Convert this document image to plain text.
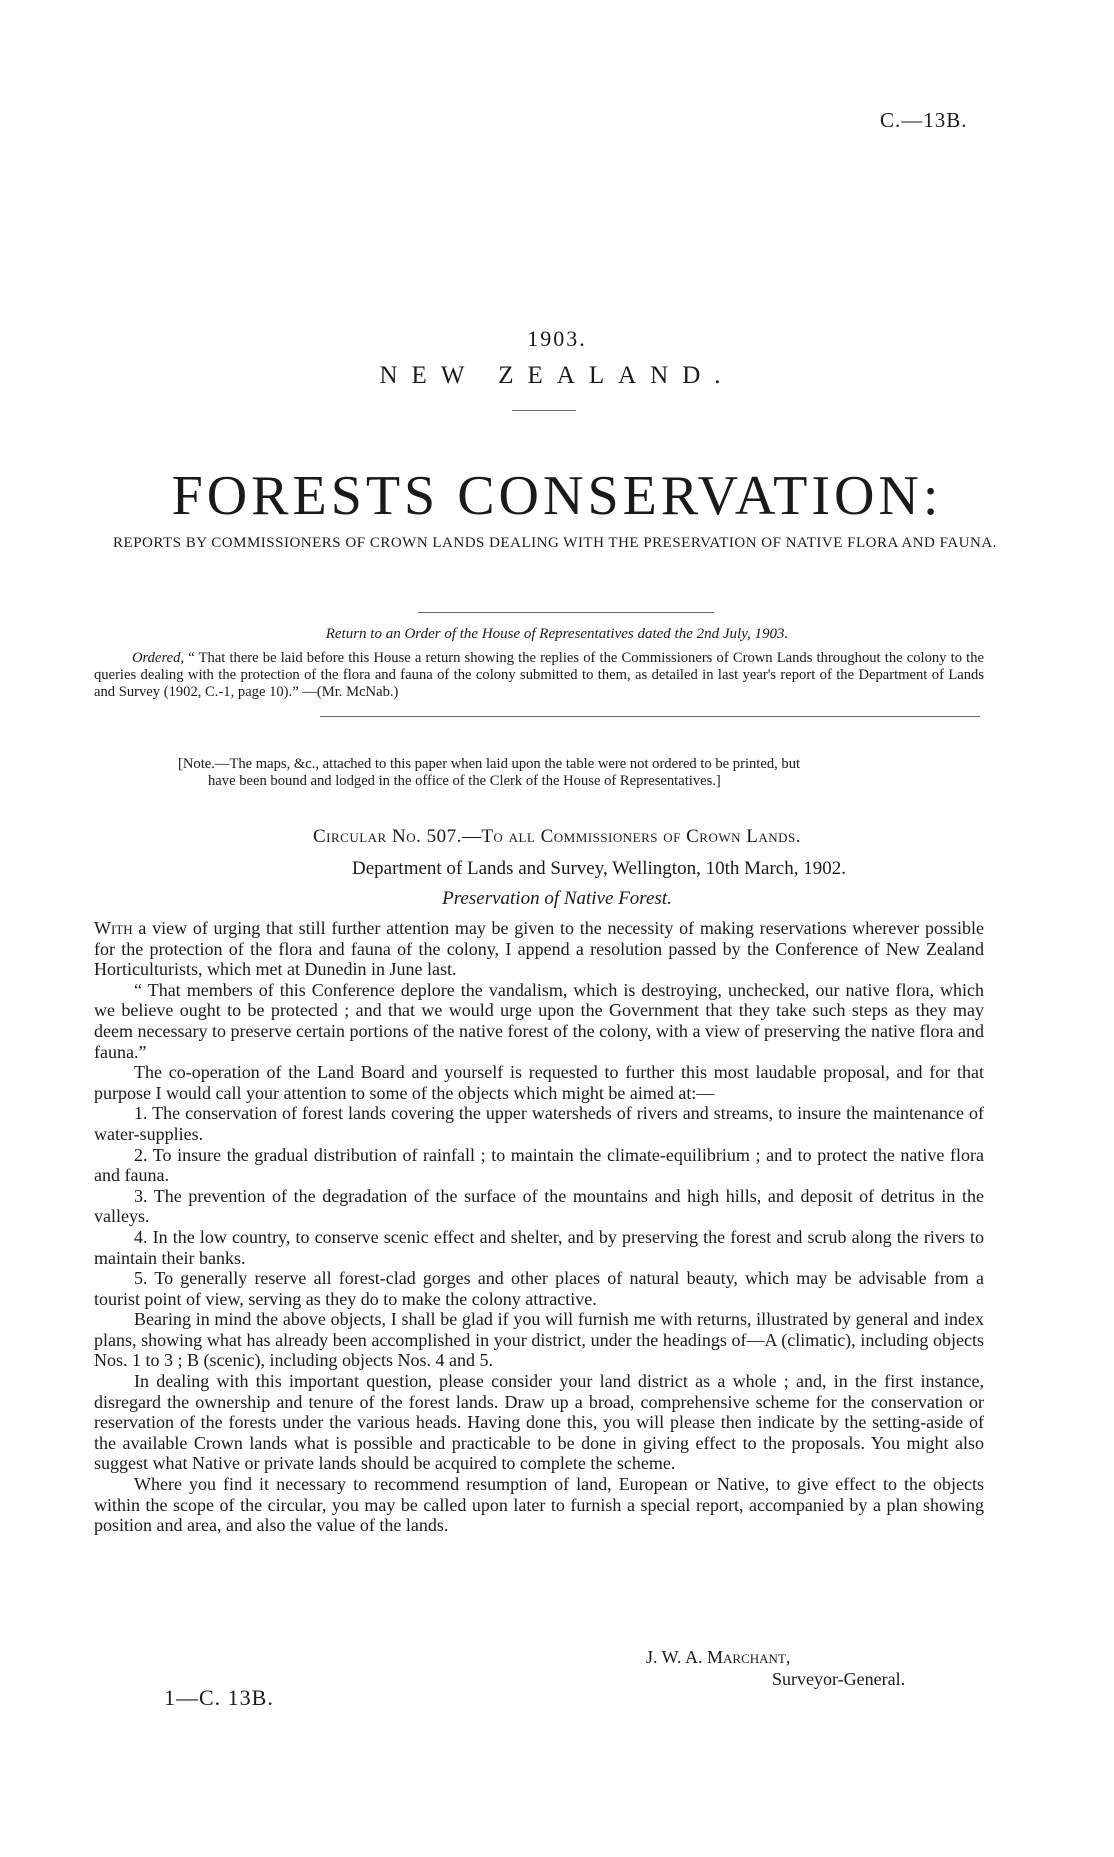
C.—13B.
1903.
NEW ZEALAND.
FORESTS CONSERVATION:
REPORTS BY COMMISSIONERS OF CROWN LANDS DEALING WITH THE PRESERVATION OF NATIVE FLORA AND FAUNA.
Return to an Order of the House of Representatives dated the 2nd July, 1903.
Ordered, “ That there be laid before this House a return showing the replies of the Commissioners of Crown Lands throughout the colony to the queries dealing with the protection of the flora and fauna of the colony submitted to them, as detailed in last year's report of the Department of Lands and Survey (1902, C.-1, page 10).” —(Mr. McNab.)
[Note.—The maps, &c., attached to this paper when laid upon the table were not ordered to be printed, but
have been bound and lodged in the office of the Clerk of the House of Representatives.]
Circular No. 507.—To all Commissioners of Crown Lands.
Department of Lands and Survey, Wellington, 10th March, 1902.
Preservation of Native Forest.

With a view of urging that still further attention may be given to the necessity of making reservations wherever possible for the protection of the flora and fauna of the colony, I append a resolution passed by the Conference of New Zealand Horticulturists, which met at Dunedin in June last.

“ That members of this Conference deplore the vandalism, which is destroying, unchecked, our native flora, which we believe ought to be protected ; and that we would urge upon the Government that they take such steps as they may deem necessary to preserve certain portions of the native forest of the colony, with a view of preserving the native flora and fauna.”

The co-operation of the Land Board and yourself is requested to further this most laudable proposal, and for that purpose I would call your attention to some of the objects which might be aimed at:—

1. The conservation of forest lands covering the upper watersheds of rivers and streams, to insure the maintenance of water-supplies.

2. To insure the gradual distribution of rainfall ; to maintain the climate-equilibrium ; and to protect the native flora and fauna.

3. The prevention of the degradation of the surface of the mountains and high hills, and deposit of detritus in the valleys.

4. In the low country, to conserve scenic effect and shelter, and by preserving the forest and scrub along the rivers to maintain their banks.

5. To generally reserve all forest-clad gorges and other places of natural beauty, which may be advisable from a tourist point of view, serving as they do to make the colony attractive.

Bearing in mind the above objects, I shall be glad if you will furnish me with returns, illustrated by general and index plans, showing what has already been accomplished in your district, under the headings of—A (climatic), including objects Nos. 1 to 3 ; B (scenic), including objects Nos. 4 and 5.

In dealing with this important question, please consider your land district as a whole ; and, in the first instance, disregard the ownership and tenure of the forest lands. Draw up a broad, comprehensive scheme for the conservation or reservation of the forests under the various heads. Having done this, you will please then indicate by the setting-aside of the available Crown lands what is possible and practicable to be done in giving effect to the proposals. You might also suggest what Native or private lands should be acquired to complete the scheme.

Where you find it necessary to recommend resumption of land, European or Native, to give effect to the objects within the scope of the circular, you may be called upon later to furnish a special report, accompanied by a plan showing position and area, and also the value of the lands.

J. W. A. Marchant,
Surveyor-General.
1—C. 13B.
